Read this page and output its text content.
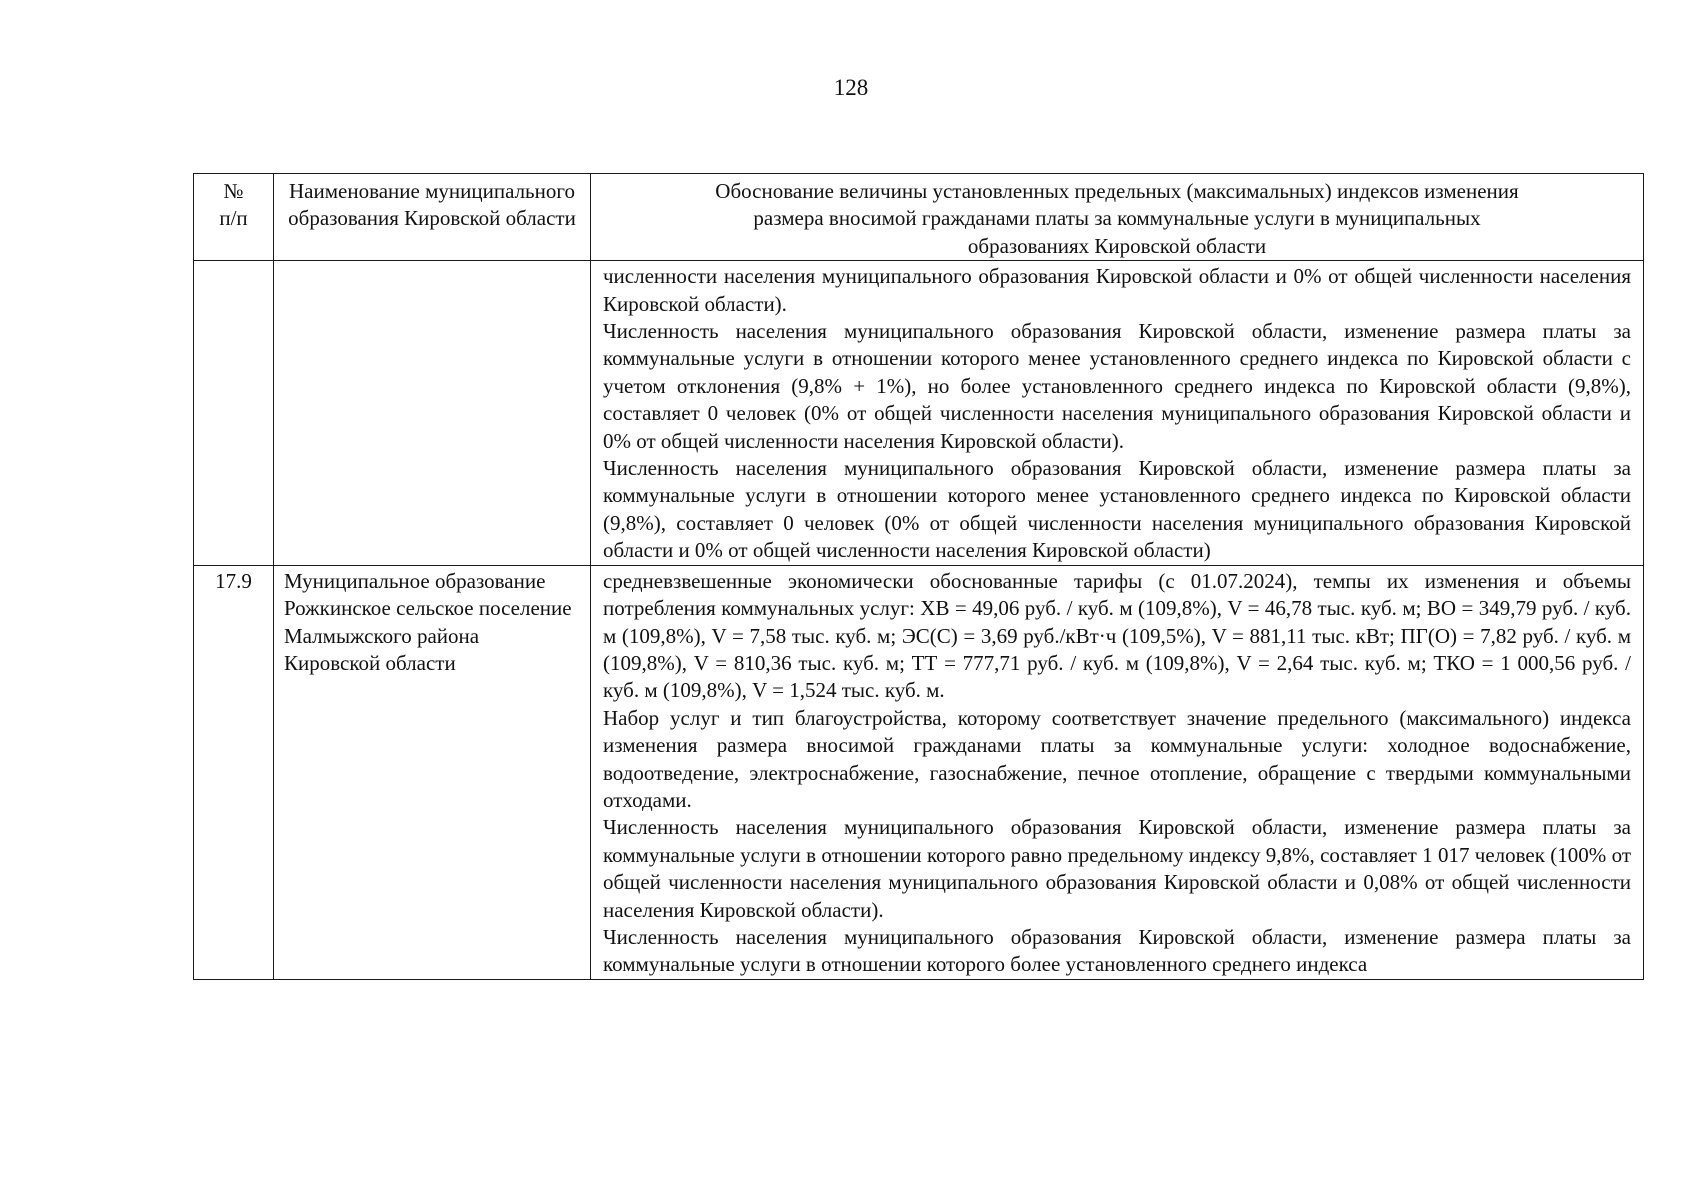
128
№ п/п	Наименование муниципального образования Кировской области	Обоснование величины установленных предельных (максимальных) индексов изменения размера вносимой гражданами платы за коммунальные услуги в муниципальных образованиях Кировской области

		численности населения муниципального образования Кировской области и 0% от общей численности населения Кировской области).

Численность населения муниципального образования Кировской области, изменение размера платы за коммунальные услуги в отношении которого менее установленного среднего индекса по Кировской области с учетом отклонения (9,8% + 1%), но более установленного среднего индекса по Кировской области (9,8%), составляет 0 человек (0% от общей численности населения муниципального образования Кировской области и 0% от общей численности населения Кировской области).

Численность населения муниципального образования Кировской области, изменение размера платы за коммунальные услуги в отношении которого менее установленного среднего индекса по Кировской области (9,8%), составляет 0 человек (0% от общей численности населения муниципального образования Кировской области и 0% от общей численности населения Кировской области)

17.9	Муниципальное образование Рожкинское сельское поселение Малмыжского района Кировской области	средневзвешенные экономически обоснованные тарифы (с 01.07.2024), темпы их изменения и объемы потребления коммунальных услуг: ХВ = 49,06 руб. / куб. м (109,8%), V = 46,78 тыс. куб. м; ВО = 349,79 руб. / куб. м (109,8%), V = 7,58 тыс. куб. м; ЭС(С) = 3,69 руб./кВт·ч (109,5%), V = 881,11 тыс. кВт; ПГ(О) = 7,82 руб. / куб. м (109,8%), V = 810,36 тыс. куб. м; ТТ = 777,71 руб. / куб. м (109,8%), V = 2,64 тыс. куб. м; ТКО = 1 000,56 руб. / куб. м (109,8%), V = 1,524 тыс. куб. м.

Набор услуг и тип благоустройства, которому соответствует значение предельного (максимального) индекса изменения размера вносимой гражданами платы за коммунальные услуги: холодное водоснабжение, водоотведение, электроснабжение, газоснабжение, печное отопление, обращение с твердыми коммунальными отходами.

Численность населения муниципального образования Кировской области, изменение размера платы за коммунальные услуги в отношении которого равно предельному индексу 9,8%, составляет 1 017 человек (100% от общей численности населения муниципального образования Кировской области и 0,08% от общей численности населения Кировской области).

Численность населения муниципального образования Кировской области, изменение размера платы за коммунальные услуги в отношении которого более установленного среднего индекса
